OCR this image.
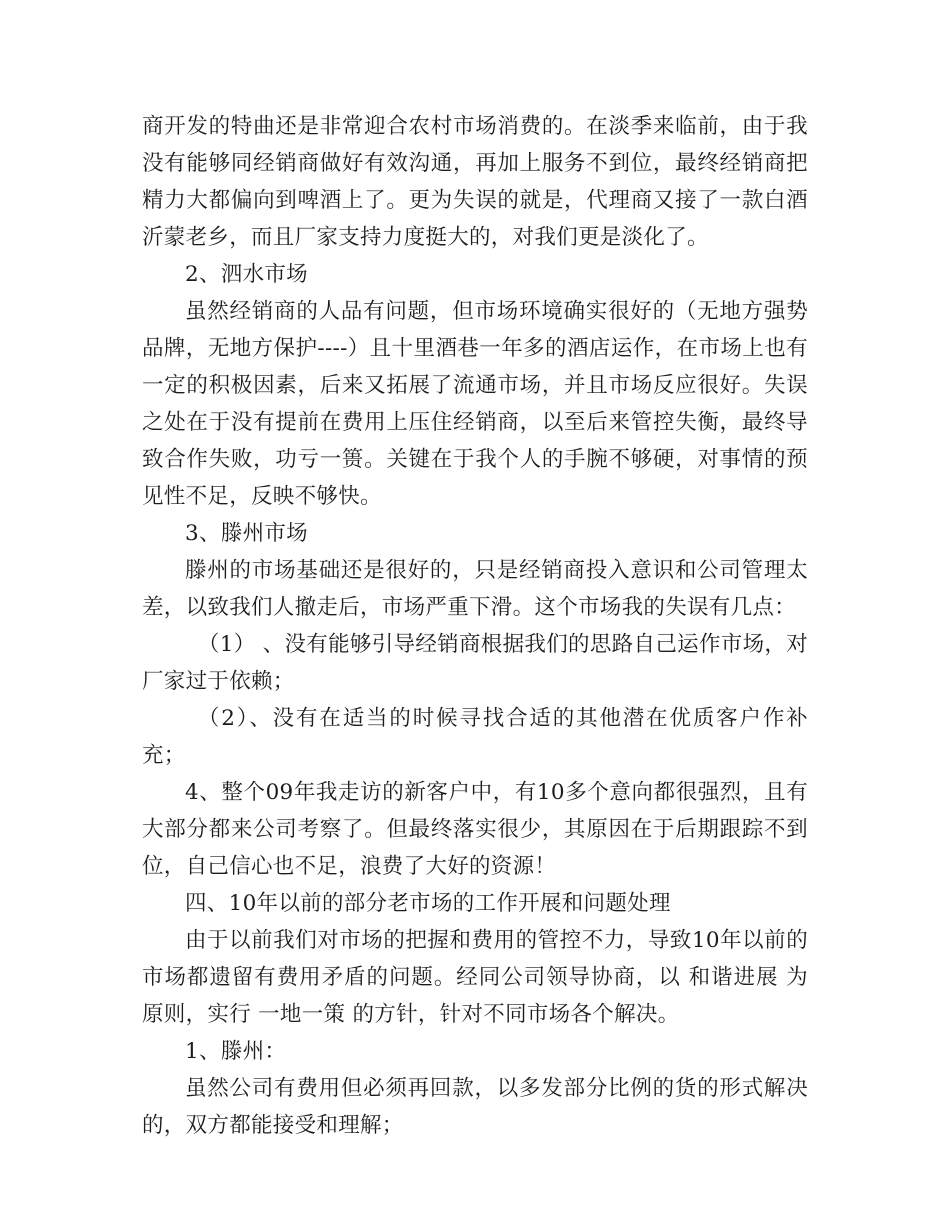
商开发的特曲还是非常迎合农村市场消费的。在淡季来临前，由于我没有能够同经销商做好有效沟通，再加上服务不到位，最终经销商把精力大都偏向到啤酒上了。更为失误的就是，代理商又接了一款白酒沂蒙老乡，而且厂家支持力度挺大的，对我们更是淡化了。

2、泗水市场

虽然经销商的人品有问题，但市场环境确实很好的（无地方强势品牌，无地方保护----）且十里酒巷一年多的酒店运作，在市场上也有一定的积极因素，后来又拓展了流通市场，并且市场反应很好。失误之处在于没有提前在费用上压住经销商，以至后来管控失衡，最终导致合作失败，功亏一篑。关键在于我个人的手腕不够硬，对事情的预见性不足，反映不够快。

3、滕州市场

滕州的市场基础还是很好的，只是经销商投入意识和公司管理太差，以致我们人撤走后，市场严重下滑。这个市场我的失误有几点：

（1） 、没有能够引导经销商根据我们的思路自己运作市场，对厂家过于依赖；

（2）、没有在适当的时候寻找合适的其他潜在优质客户作补充；

4、整个09年我走访的新客户中，有10多个意向都很强烈，且有大部分都来公司考察了。但最终落实很少，其原因在于后期跟踪不到位，自己信心也不足，浪费了大好的资源！

四、10年以前的部分老市场的工作开展和问题处理

由于以前我们对市场的把握和费用的管控不力，导致10年以前的市场都遗留有费用矛盾的问题。经同公司领导协商，以 和谐进展 为原则，实行 一地一策 的方针，针对不同市场各个解决。

1、滕州：

虽然公司有费用但必须再回款，以多发部分比例的货的形式解决的，双方都能接受和理解；
